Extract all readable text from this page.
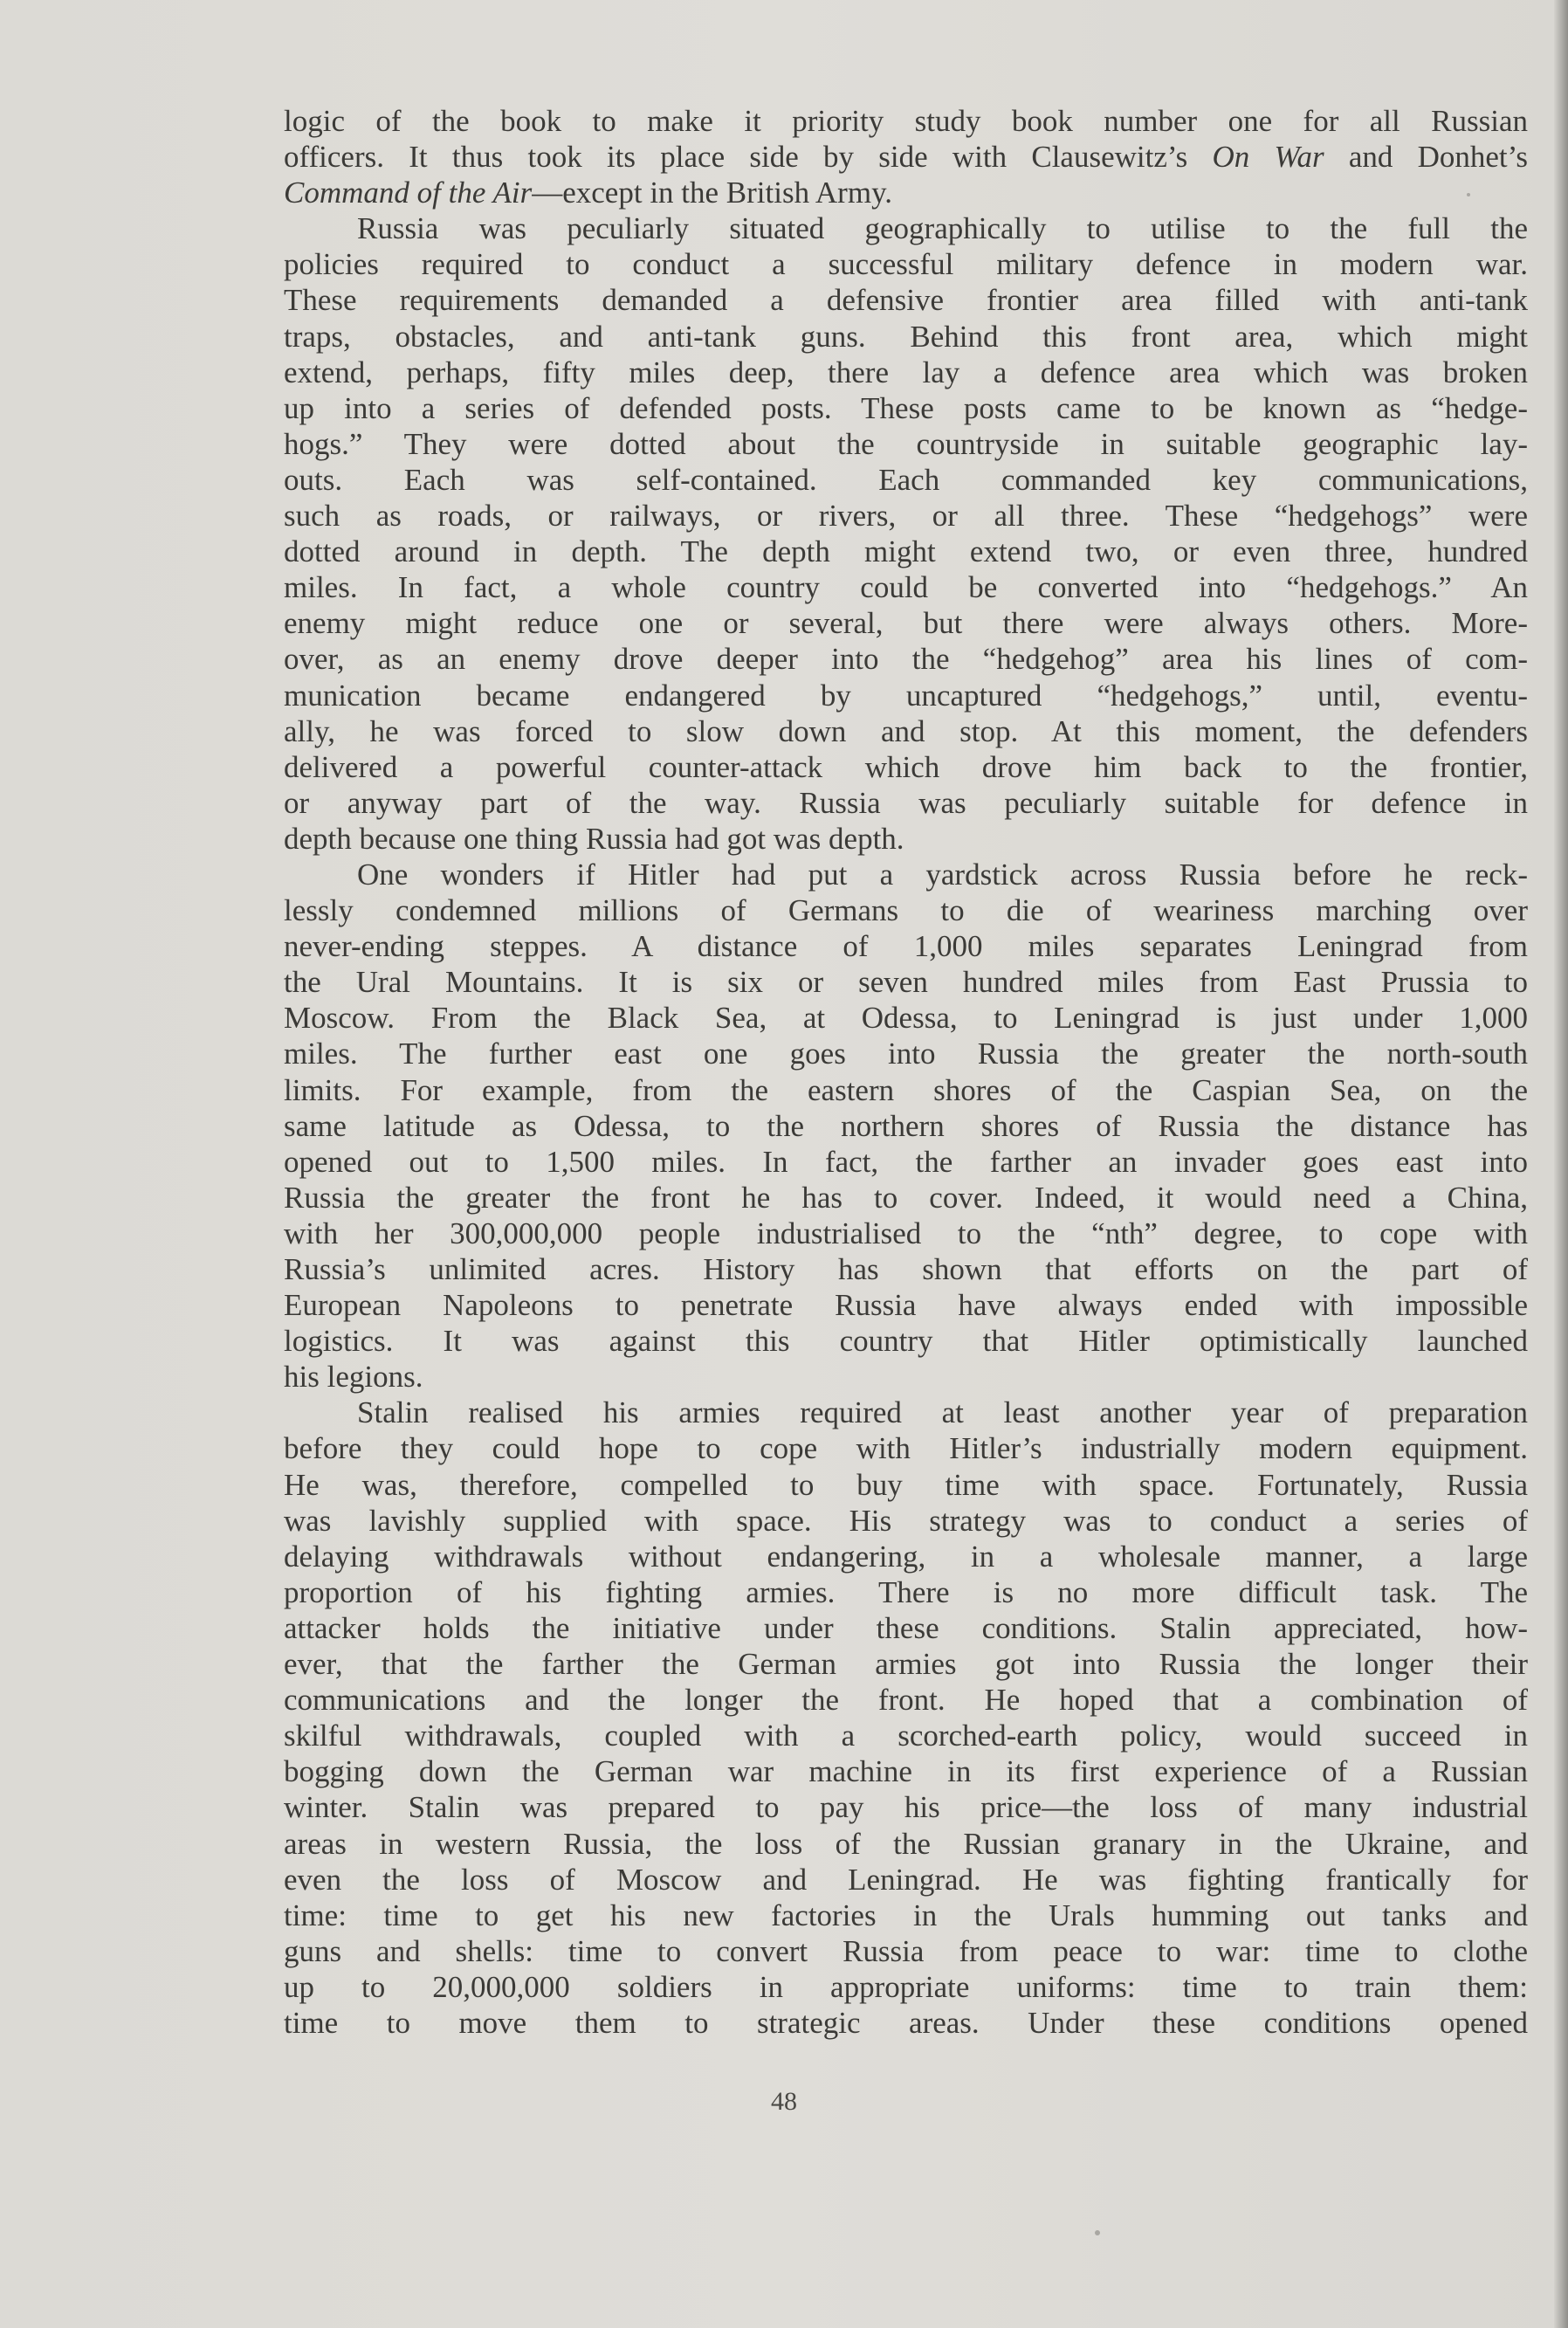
logic of the book to make it priority study book number one for all Russian
officers. It thus took its place side by side with Clausewitz’s On War and Donhet’s
Command of the Air—except in the British Army.
Russia was peculiarly situated geographically to utilise to the full the
policies required to conduct a successful military defence in modern war.
These requirements demanded a defensive frontier area filled with anti-tank
traps, obstacles, and anti-tank guns. Behind this front area, which might
extend, perhaps, fifty miles deep, there lay a defence area which was broken
up into a series of defended posts. These posts came to be known as “hedge-
hogs.” They were dotted about the countryside in suitable geographic lay-
outs. Each was self-contained. Each commanded key communications,
such as roads, or railways, or rivers, or all three. These “hedgehogs” were
dotted around in depth. The depth might extend two, or even three, hundred
miles. In fact, a whole country could be converted into “hedgehogs.” An
enemy might reduce one or several, but there were always others. More-
over, as an enemy drove deeper into the “hedgehog” area his lines of com-
munication became endangered by uncaptured “hedgehogs,” until, eventu-
ally, he was forced to slow down and stop. At this moment, the defenders
delivered a powerful counter-attack which drove him back to the frontier,
or anyway part of the way. Russia was peculiarly suitable for defence in
depth because one thing Russia had got was depth.
One wonders if Hitler had put a yardstick across Russia before he reck-
lessly condemned millions of Germans to die of weariness marching over
never-ending steppes. A distance of 1,000 miles separates Leningrad from
the Ural Mountains. It is six or seven hundred miles from East Prussia to
Moscow. From the Black Sea, at Odessa, to Leningrad is just under 1,000
miles. The further east one goes into Russia the greater the north-south
limits. For example, from the eastern shores of the Caspian Sea, on the
same latitude as Odessa, to the northern shores of Russia the distance has
opened out to 1,500 miles. In fact, the farther an invader goes east into
Russia the greater the front he has to cover. Indeed, it would need a China,
with her 300,000,000 people industrialised to the “nth” degree, to cope with
Russia’s unlimited acres. History has shown that efforts on the part of
European Napoleons to penetrate Russia have always ended with impossible
logistics. It was against this country that Hitler optimistically launched
his legions.
Stalin realised his armies required at least another year of preparation
before they could hope to cope with Hitler’s industrially modern equipment.
He was, therefore, compelled to buy time with space. Fortunately, Russia
was lavishly supplied with space. His strategy was to conduct a series of
delaying withdrawals without endangering, in a wholesale manner, a large
proportion of his fighting armies. There is no more difficult task. The
attacker holds the initiative under these conditions. Stalin appreciated, how-
ever, that the farther the German armies got into Russia the longer their
communications and the longer the front. He hoped that a combination of
skilful withdrawals, coupled with a scorched-earth policy, would succeed in
bogging down the German war machine in its first experience of a Russian
winter. Stalin was prepared to pay his price—the loss of many industrial
areas in western Russia, the loss of the Russian granary in the Ukraine, and
even the loss of Moscow and Leningrad. He was fighting frantically for
time: time to get his new factories in the Urals humming out tanks and
guns and shells: time to convert Russia from peace to war: time to clothe
up to 20,000,000 soldiers in appropriate uniforms: time to train them:
time to move them to strategic areas. Under these conditions opened
48
